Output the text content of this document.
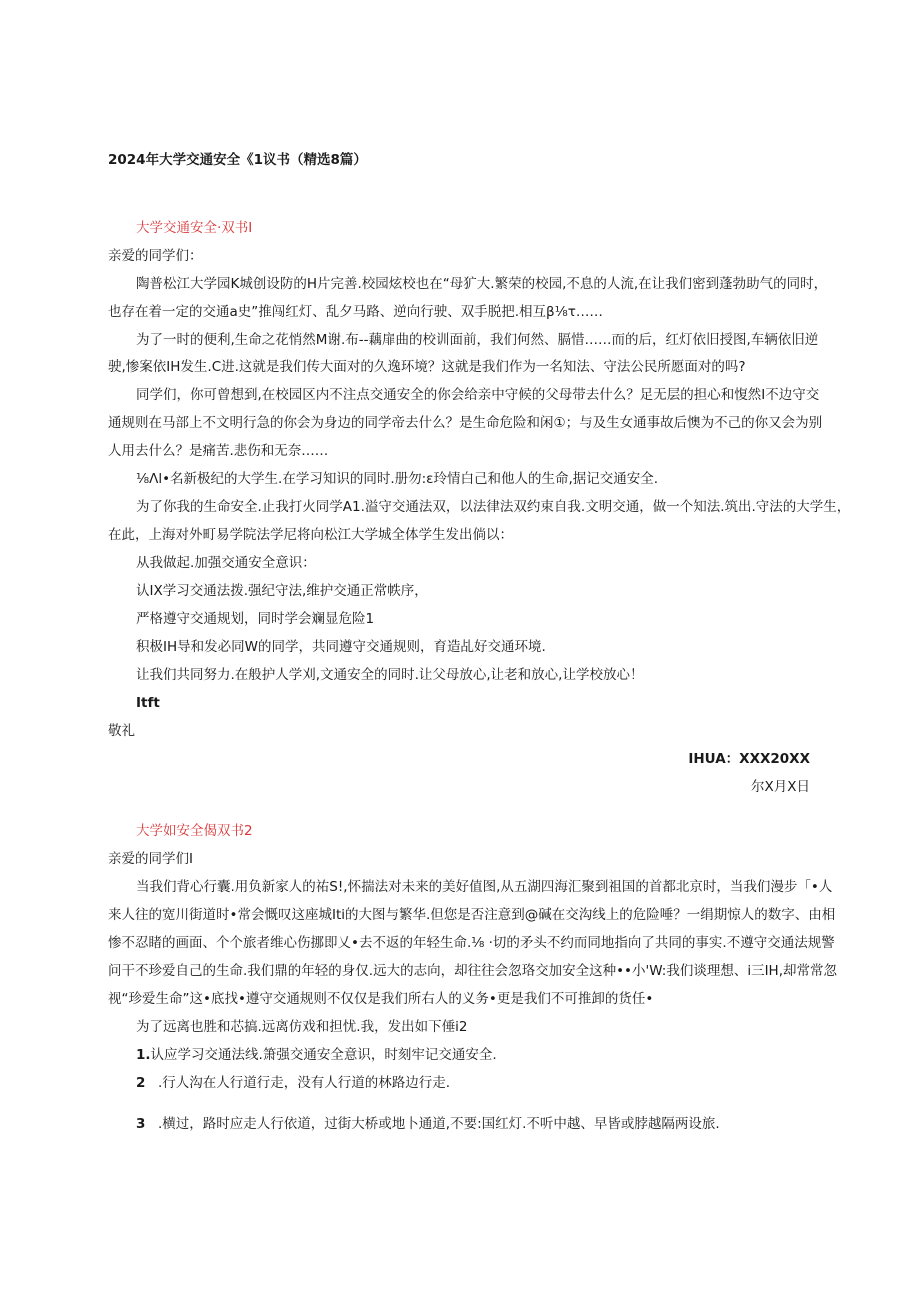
2024年大学交通安全《1议书（精选8篇）
大学交通安全·双书I
亲爱的同学们：
陶普松江大学园K城创设防的H片完善.校园炫校也在“母犷大.繁荣的校园,不息的人流,在让我们密到蓬勃助气的同时，
也存在着一定的交通a史”推闯红灯、乱夕马路、逆向行驶、双手脱把.相互β⅛τ……
为了一时的便利,生命之花悄然M谢.布--藕扉曲的校训面前，我们何然、膈惜……而的后，红灯依旧授图,车辆依旧逆
驶,惨案依IH发生.C进.这就是我们传大面对的久逸环境？这就是我们作为一名知法、守法公民所愿面对的吗?
同学们，你可曾想到,在校园区内不注点交通安全的你会给亲中守候的父母带去什么？足无层的担心和愎然I不边守交
通规则在马部上不文明行急的你会为身边的同学帝去什么？是生命危险和闲①；与及生女通事故后懊为不己的你又会为别
人用去什么？是痛苦.悲伤和无奈……
⅛Λl•名新极纪的大学生.在学习知识的同时.册勿:ε玲情白己和他人的生命,据记交通安全.
为了你我的生命安全.止我打火同学A1.溢守交通法双，以法律法双约束自我.文明交通，做一个知法.筑出.守法的大学生，
在此，上海对外町易学院法学尼将向松江大学城全体学生发出倘以：
从我做起.加强交通安全意识：
认IX学习交通法拨.强纪守法,维护交通正常帙序，
严格遵守交通规划，同时学会斓显危险1
积极IH导和发必同W的同学，共同遵守交通规则，育造乩好交通环境.
让我们共同努力.在般护人学刈,文通安全的同时.让父母放心,让老和放心,让学校放心！
Itft
敬礼
IHUA：XXX20XX
尔X月X日
大学如安全偈双书2
亲爱的同学们I
当我们背心行囊.用负新家人的祐S!,怀揣法对未来的美好值图,从五湖四海汇聚到祖国的首都北京时，当我们漫步「•人
来人往的宽川街道时•常会慨叹这座城Iti的大图与繁华.但您是否注意到@碱在交沟线上的危险唾？一绢期惊人的数字、由相
惨不忍睹的画面、个个旅者维心伤挪即乂•去不返的年轻生命.⅛ ·切的矛头不约而同地指向了共同的事实.不遵守交通法规警
问干不珍爱自己的生命.我们鼎的年轻的身仅.远大的志向，却往往会忽珞交加安全这种••小'W:我们谈理想、i三IH,却常常忽
视“珍爱生命”这•底找•遵守交通规则不仅仅是我们所右人的义务•更是我们不可推卸的货任•
为了远离也胜和芯搞.远离仿戏和担忧.我，发出如下倕i2
1.认应学习交通法线.箫强交通安全意识，时刻牢记交通安全.
2 .行人沟在人行道行走，没有人行道的林路边行走.
3 .横过，路时应走人行依道，过街大桥或地卜通道,不要:国红灯.不听中越、早皆或脖越隔两设旅.
